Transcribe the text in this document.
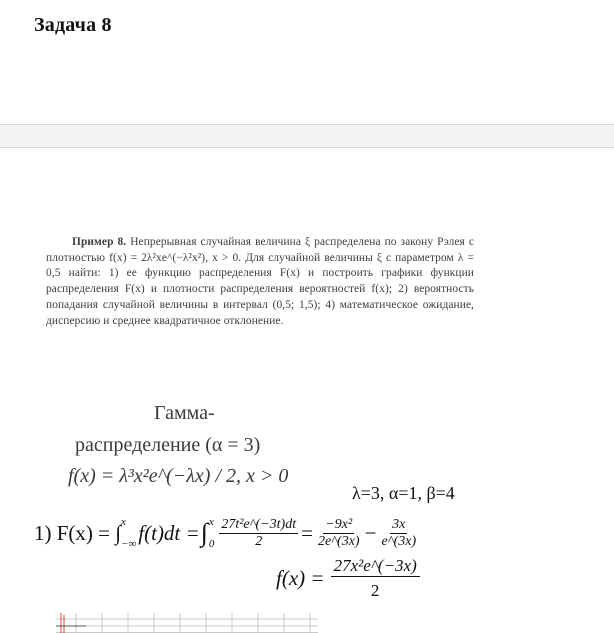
Задача 8
Пример 8. Непрерывная случайная величина ξ распределена по закону Рэлея с плотностью f(x) = 2λ²xe^(−λ²x²), x > 0. Для случайной величины ξ с параметром λ = 0,5 найти: 1) ее функцию распределения F(x) и построить графики функции распределения F(x) и плотности распределения вероятностей f(x); 2) вероятность попадания случайной величины в интервал (0,5; 1,5); 4) математическое ожидание, дисперсию и среднее квадратичное отклонение.
Гамма-
распределение (α = 3)
f(x) = λ³x²e^(−λx) / 2, x > 0
λ=3, α=1, β=4
1) F(x) = ∫ x
−∞ f(t)dt = ∫ x
$0 \frac{\text{27t²e\textasciicircum{}(−3t)dt}}{2} = \frac{\text{−9x²}}{2e\^{}(3x)} - \frac{3x}{e\^{}(3x)}$
$f(x) = \frac{\text{27x²e\textasciicircum{}(−3x)}}{2}$
